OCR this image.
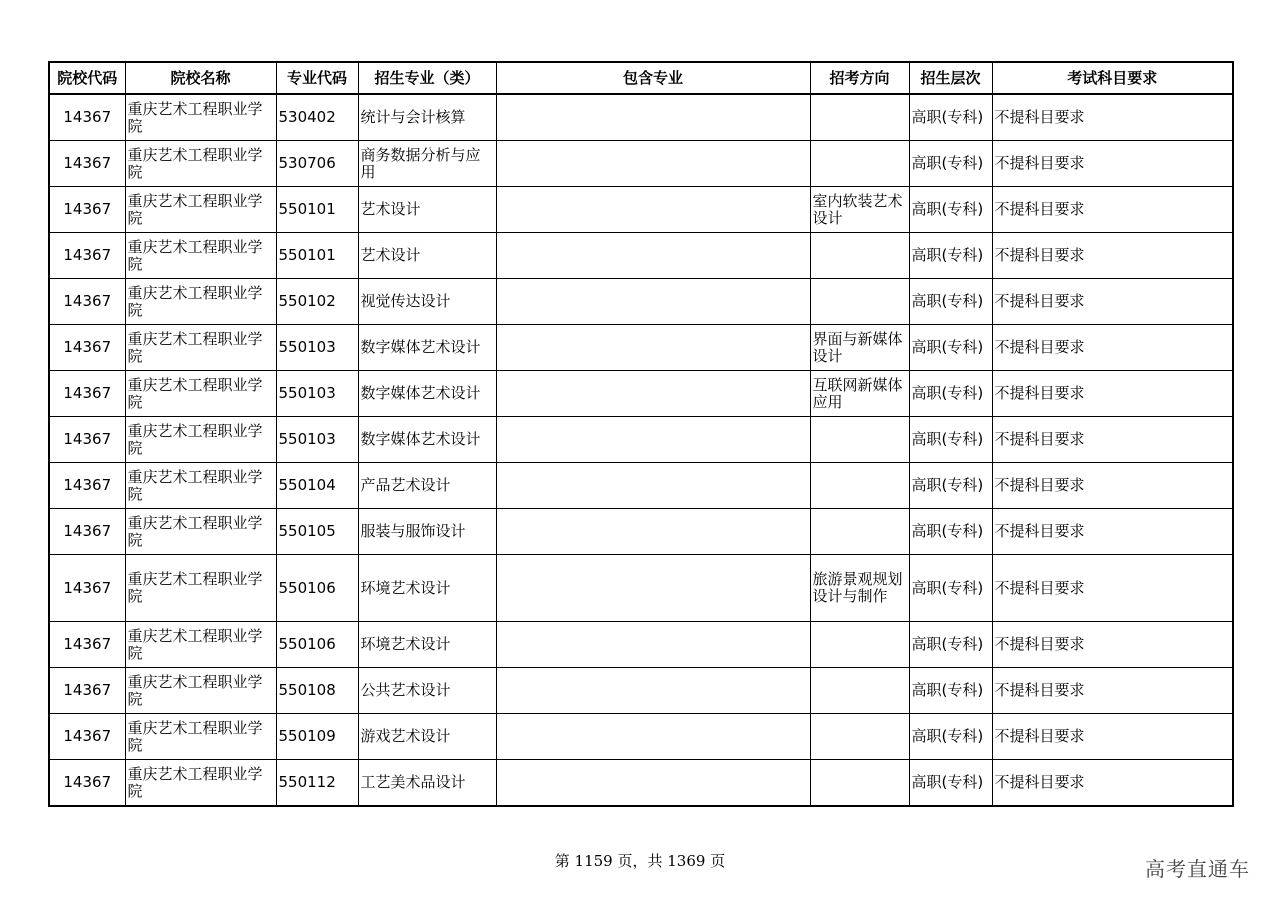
院校代码	院校名称	专业代码	招生专业（类）	包含专业	招考方向	招生层次	考试科目要求
14367	重庆艺术工程职业学院	530402	统计与会计核算			高职(专科)	不提科目要求
14367	重庆艺术工程职业学院	530706	商务数据分析与应用			高职(专科)	不提科目要求
14367	重庆艺术工程职业学院	550101	艺术设计		室内软装艺术设计	高职(专科)	不提科目要求
14367	重庆艺术工程职业学院	550101	艺术设计			高职(专科)	不提科目要求
14367	重庆艺术工程职业学院	550102	视觉传达设计			高职(专科)	不提科目要求
14367	重庆艺术工程职业学院	550103	数字媒体艺术设计		界面与新媒体设计	高职(专科)	不提科目要求
14367	重庆艺术工程职业学院	550103	数字媒体艺术设计		互联网新媒体应用	高职(专科)	不提科目要求
14367	重庆艺术工程职业学院	550103	数字媒体艺术设计			高职(专科)	不提科目要求
14367	重庆艺术工程职业学院	550104	产品艺术设计			高职(专科)	不提科目要求
14367	重庆艺术工程职业学院	550105	服装与服饰设计			高职(专科)	不提科目要求
14367	重庆艺术工程职业学院	550106	环境艺术设计		旅游景观规划设计与制作	高职(专科)	不提科目要求
14367	重庆艺术工程职业学院	550106	环境艺术设计			高职(专科)	不提科目要求
14367	重庆艺术工程职业学院	550108	公共艺术设计			高职(专科)	不提科目要求
14367	重庆艺术工程职业学院	550109	游戏艺术设计			高职(专科)	不提科目要求
14367	重庆艺术工程职业学院	550112	工艺美术品设计			高职(专科)	不提科目要求
第 1159 页，共 1369 页	高考直通车
